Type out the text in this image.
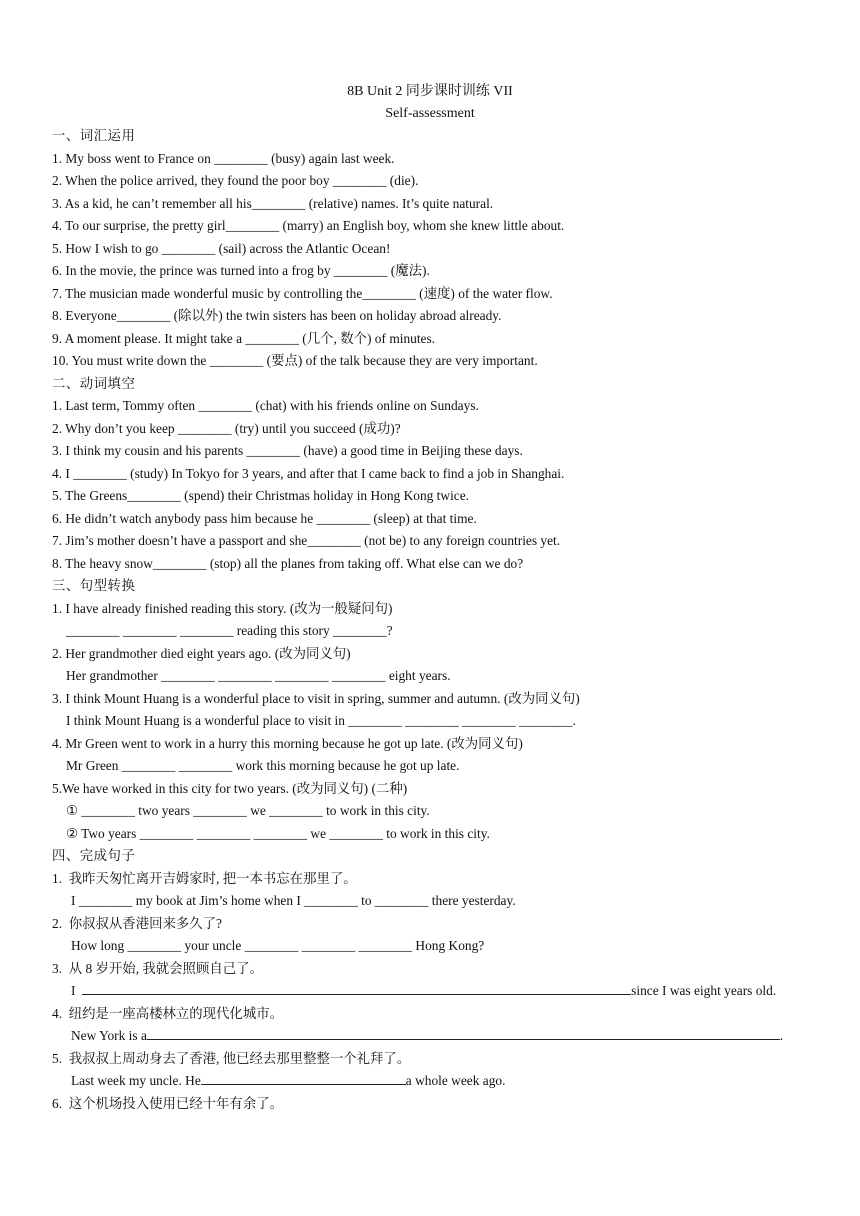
8B Unit 2 同步课时训练 VII
Self-assessment
一、词汇运用
1. My boss went to France on ________ (busy) again last week.
2. When the police arrived, they found the poor boy ________ (die).
3. As a kid, he can’t remember all his________ (relative) names. It’s quite natural.
4. To our surprise, the pretty girl________ (marry) an English boy, whom she knew little about.
5. How I wish to go ________ (sail) across the Atlantic Ocean!
6. In the movie, the prince was turned into a frog by ________ (魔法).
7. The musician made wonderful music by controlling the________ (速度) of the water flow.
8. Everyone________ (除以外) the twin sisters has been on holiday abroad already.
9. A moment please. It might take a ________ (几个, 数个) of minutes.
10. You must write down the ________ (要点) of the talk because they are very important.
二、动词填空
1. Last term, Tommy often ________ (chat) with his friends online on Sundays.
2. Why don’t you keep ________ (try) until you succeed (成功)?
3. I think my cousin and his parents ________ (have) a good time in Beijing these days.
4. I ________ (study) In Tokyo for 3 years, and after that I came back to find a job in Shanghai.
5. The Greens________ (spend) their Christmas holiday in Hong Kong twice.
6. He didn’t watch anybody pass him because he ________ (sleep) at that time.
7. Jim’s mother doesn’t have a passport and she________ (not be) to any foreign countries yet.
8. The heavy snow________ (stop) all the planes from taking off. What else can we do?
三、句型转换
1. I have already finished reading this story. (改为一般疑问句)
________ ________ ________ reading this story ________?
2. Her grandmother died eight years ago. (改为同义句)
Her grandmother ________ ________ ________ ________ eight years.
3. I think Mount Huang is a wonderful place to visit in spring, summer and autumn. (改为同义句)
I think Mount Huang is a wonderful place to visit in ________ ________ ________ ________.
4. Mr Green went to work in a hurry this morning because he got up late. (改为同义句)
Mr Green ________ ________ work this morning because he got up late.
5.We have worked in this city for two years. (改为同义句) (二种)
① ________ two years ________ we ________ to work in this city.
② Two years ________ ________ ________ we ________ to work in this city.
四、完成句子
1.  我昨天匆忙离开吉姆家时, 把一本书忘在那里了。
I ________ my book at Jim’s home when I ________ to ________ there yesterday.
2.  你叔叔从香港回来多久了?
How long ________ your uncle ________ ________ ________ Hong Kong?
3.  从 8 岁开始, 我就会照顾自己了。
I	since I was eight years old.
4.  纽约是一座高楼林立的现代化城市。
New York is a	.
5.  我叔叔上周动身去了香港, 他已经去那里整整一个礼拜了。
Last week my uncle. He	a whole week ago.
6.  这个机场投入使用已经十年有余了。
